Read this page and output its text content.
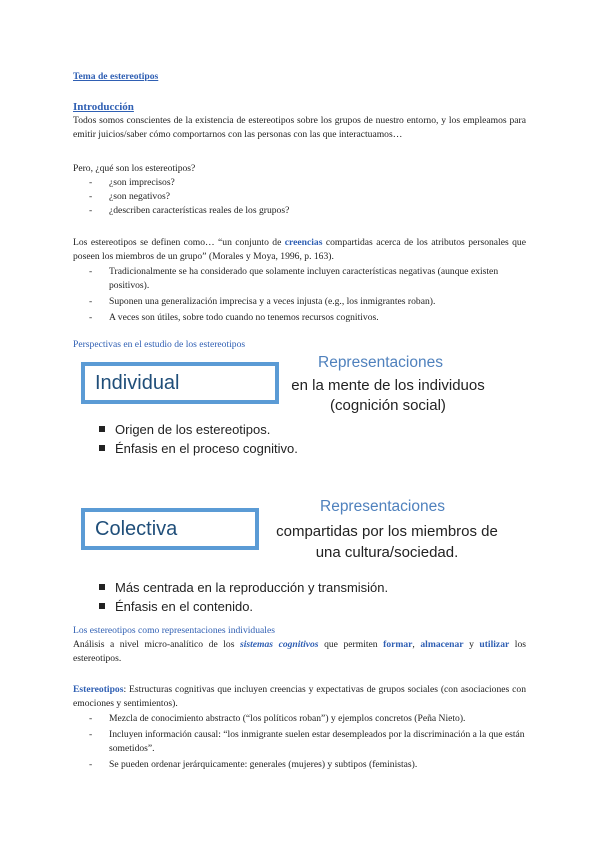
Tema de estereotipos
Introducción
Todos somos conscientes de la existencia de estereotipos sobre los grupos de nuestro entorno, y los empleamos para emitir juicios/saber cómo comportarnos con las personas con las que interactuamos…
Pero, ¿qué son los estereotipos?
- ¿son imprecisos?
- ¿son negativos?
- ¿describen características reales de los grupos?
Los estereotipos se definen como… “un conjunto de creencias compartidas acerca de los atributos personales que poseen los miembros de un grupo” (Morales y Moya, 1996, p. 163).
- Tradicionalmente se ha considerado que solamente incluyen características negativas (aunque existen positivos).
- Suponen una generalización imprecisa y a veces injusta (e.g., los inmigrantes roban).
- A veces son útiles, sobre todo cuando no tenemos recursos cognitivos.
Perspectivas en el estudio de los estereotipos
Individual
Representaciones
en la mente de los individuos
(cognición social)
Origen de los estereotipos.
Énfasis en el proceso cognitivo.
Colectiva
Representaciones
compartidas por los miembros de
una cultura/sociedad.
Más centrada en la reproducción y transmisión.
Énfasis en el contenido.
Los estereotipos como representaciones individuales
Análisis a nivel micro-analítico de los sistemas cognitivos que permiten formar, almacenar y utilizar los estereotipos.
Estereotipos: Estructuras cognitivas que incluyen creencias y expectativas de grupos sociales (con asociaciones con emociones y sentimientos).
- Mezcla de conocimiento abstracto (“los políticos roban”) y ejemplos concretos (Peña Nieto).
- Incluyen información causal: “los inmigrante suelen estar desempleados por la discriminación a la que están sometidos”.
- Se pueden ordenar jerárquicamente: generales (mujeres) y subtipos (feministas).
